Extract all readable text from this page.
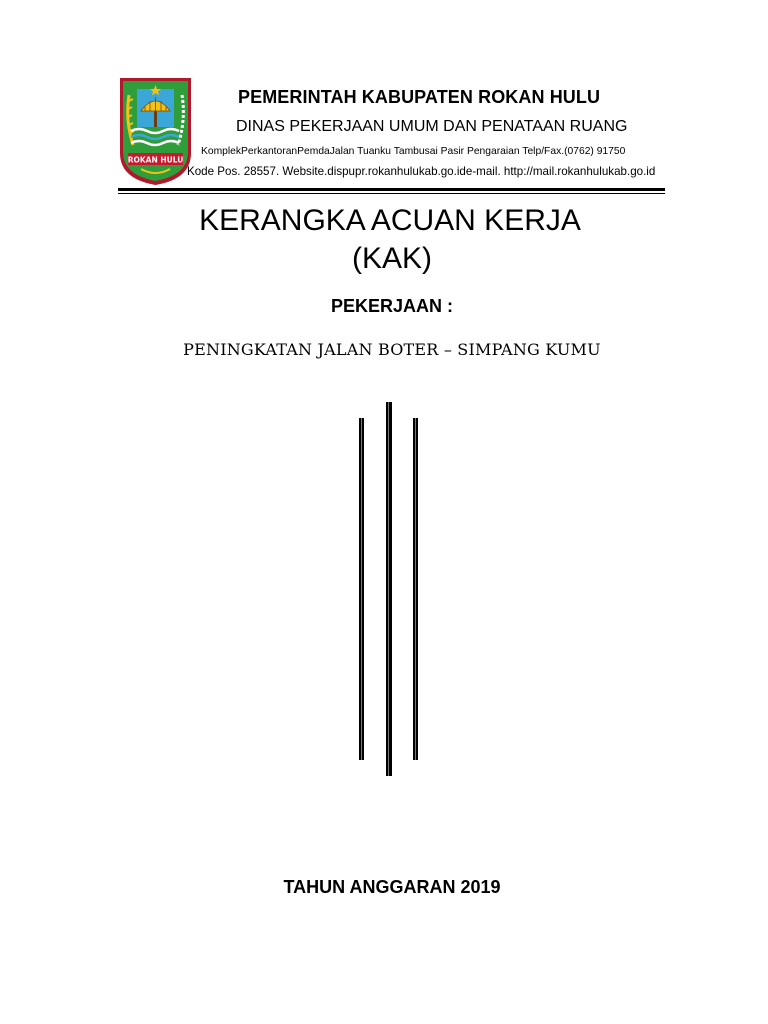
ROKAN HULU
PEMERINTAH KABUPATEN ROKAN HULU
DINAS PEKERJAAN UMUM DAN PENATAAN RUANG
KomplekPerkantoranPemdaJalan Tuanku Tambusai Pasir Pengaraian Telp/Fax.(0762) 91750
Kode Pos. 28557. Website.dispupr.rokanhulukab.go.ide-mail. http://mail.rokanhulukab.go.id
KERANGKA ACUAN KERJA
(KAK)
PEKERJAAN :
PENINGKATAN JALAN BOTER – SIMPANG KUMU
TAHUN ANGGARAN 2019
